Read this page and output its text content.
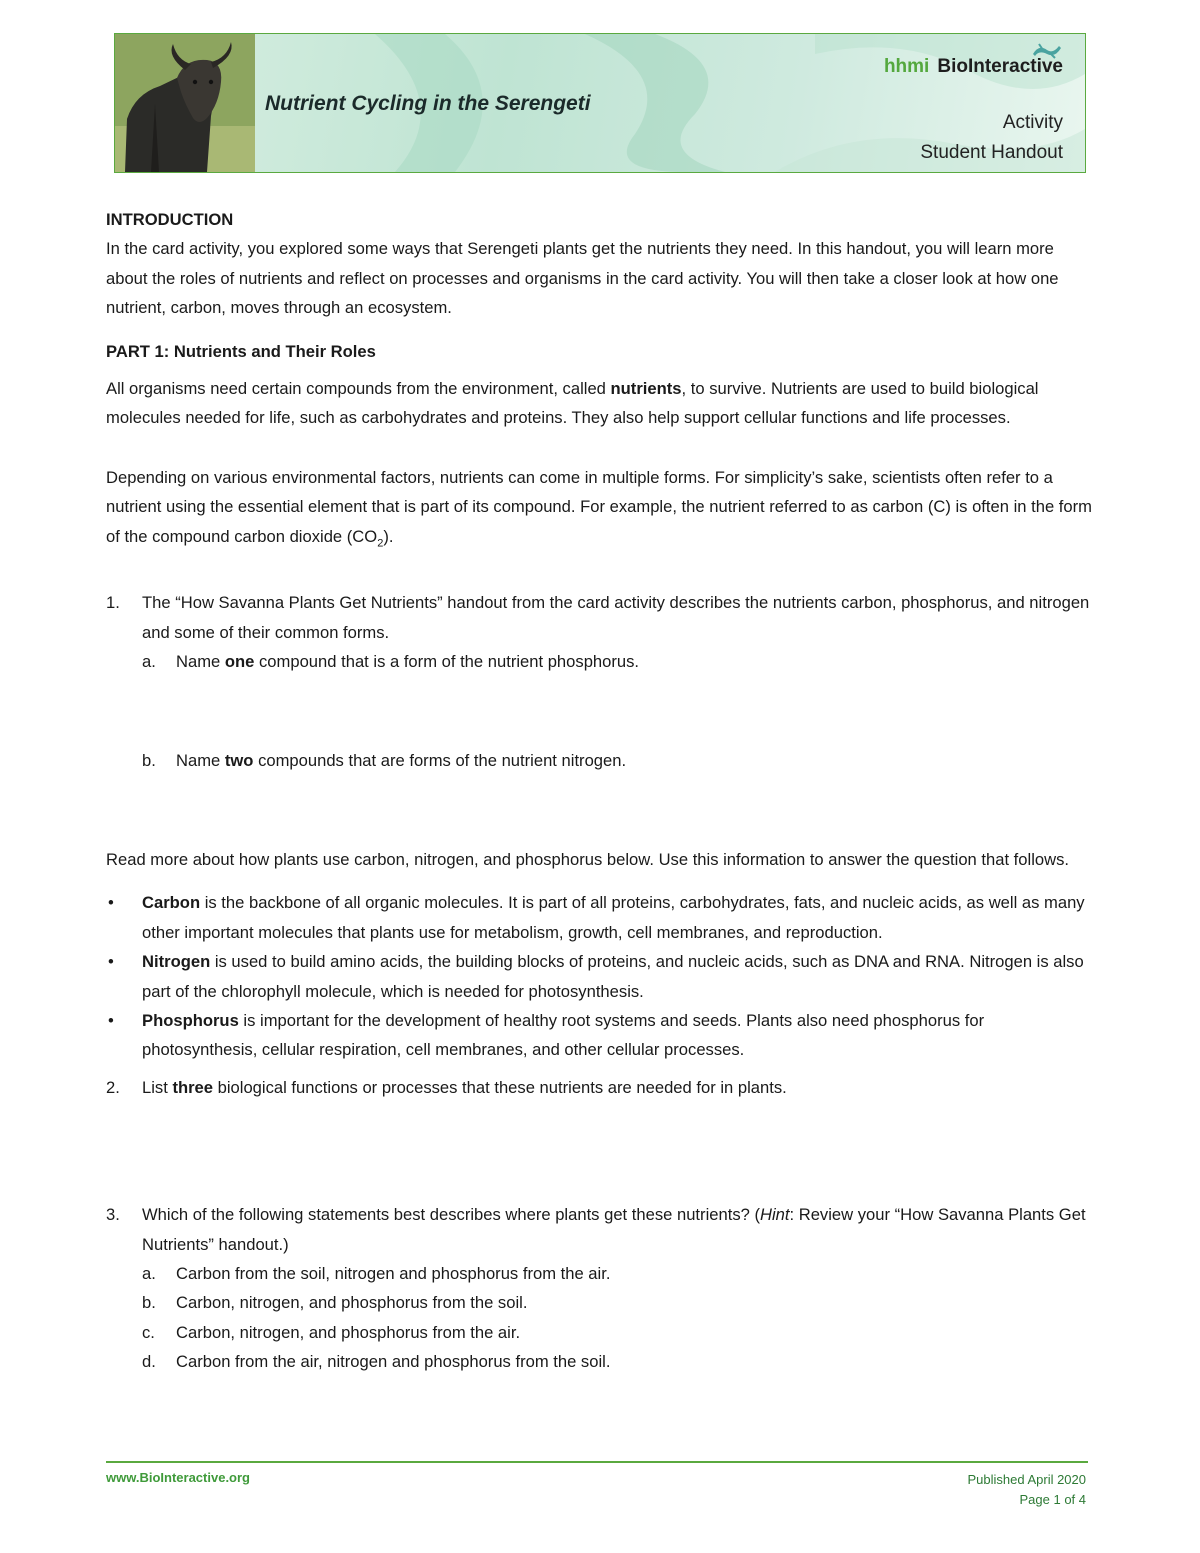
Nutrient Cycling in the Serengeti
hhmi BioInteractive
Activity
Student Handout

INTRODUCTION

In the card activity, you explored some ways that Serengeti plants get the nutrients they need. In this handout, you will learn more about the roles of nutrients and reflect on processes and organisms in the card activity. You will then take a closer look at how one nutrient, carbon, moves through an ecosystem.

PART 1: Nutrients and Their Roles

All organisms need certain compounds from the environment, called nutrients, to survive. Nutrients are used to build biological molecules needed for life, such as carbohydrates and proteins. They also help support cellular functions and life processes.

Depending on various environmental factors, nutrients can come in multiple forms. For simplicity’s sake, scientists often refer to a nutrient using the essential element that is part of its compound. For example, the nutrient referred to as carbon (C) is often in the form of the compound carbon dioxide $(CO_2)$.

1. The “How Savanna Plants Get Nutrients” handout from the card activity describes the nutrients carbon, phosphorus, and nitrogen and some of their common forms.
a. Name one compound that is a form of the nutrient phosphorus.
b. Name two compounds that are forms of the nutrient nitrogen.

Read more about how plants use carbon, nitrogen, and phosphorus below. Use this information to answer the question that follows.

• Carbon is the backbone of all organic molecules. It is part of all proteins, carbohydrates, fats, and nucleic acids, as well as many other important molecules that plants use for metabolism, growth, cell membranes, and reproduction.
• Nitrogen is used to build amino acids, the building blocks of proteins, and nucleic acids, such as DNA and RNA. Nitrogen is also part of the chlorophyll molecule, which is needed for photosynthesis.
• Phosphorus is important for the development of healthy root systems and seeds. Plants also need phosphorus for photosynthesis, cellular respiration, cell membranes, and other cellular processes.
2. List three biological functions or processes that these nutrients are needed for in plants.
3. Which of the following statements best describes where plants get these nutrients? (Hint: Review your “How Savanna Plants Get Nutrients” handout.)
a. Carbon from the soil, nitrogen and phosphorus from the air.
b. Carbon, nitrogen, and phosphorus from the soil.
c. Carbon, nitrogen, and phosphorus from the air.
d. Carbon from the air, nitrogen and phosphorus from the soil.
www.BioInteractive.org	Published April 2020
Page 1 of 4
